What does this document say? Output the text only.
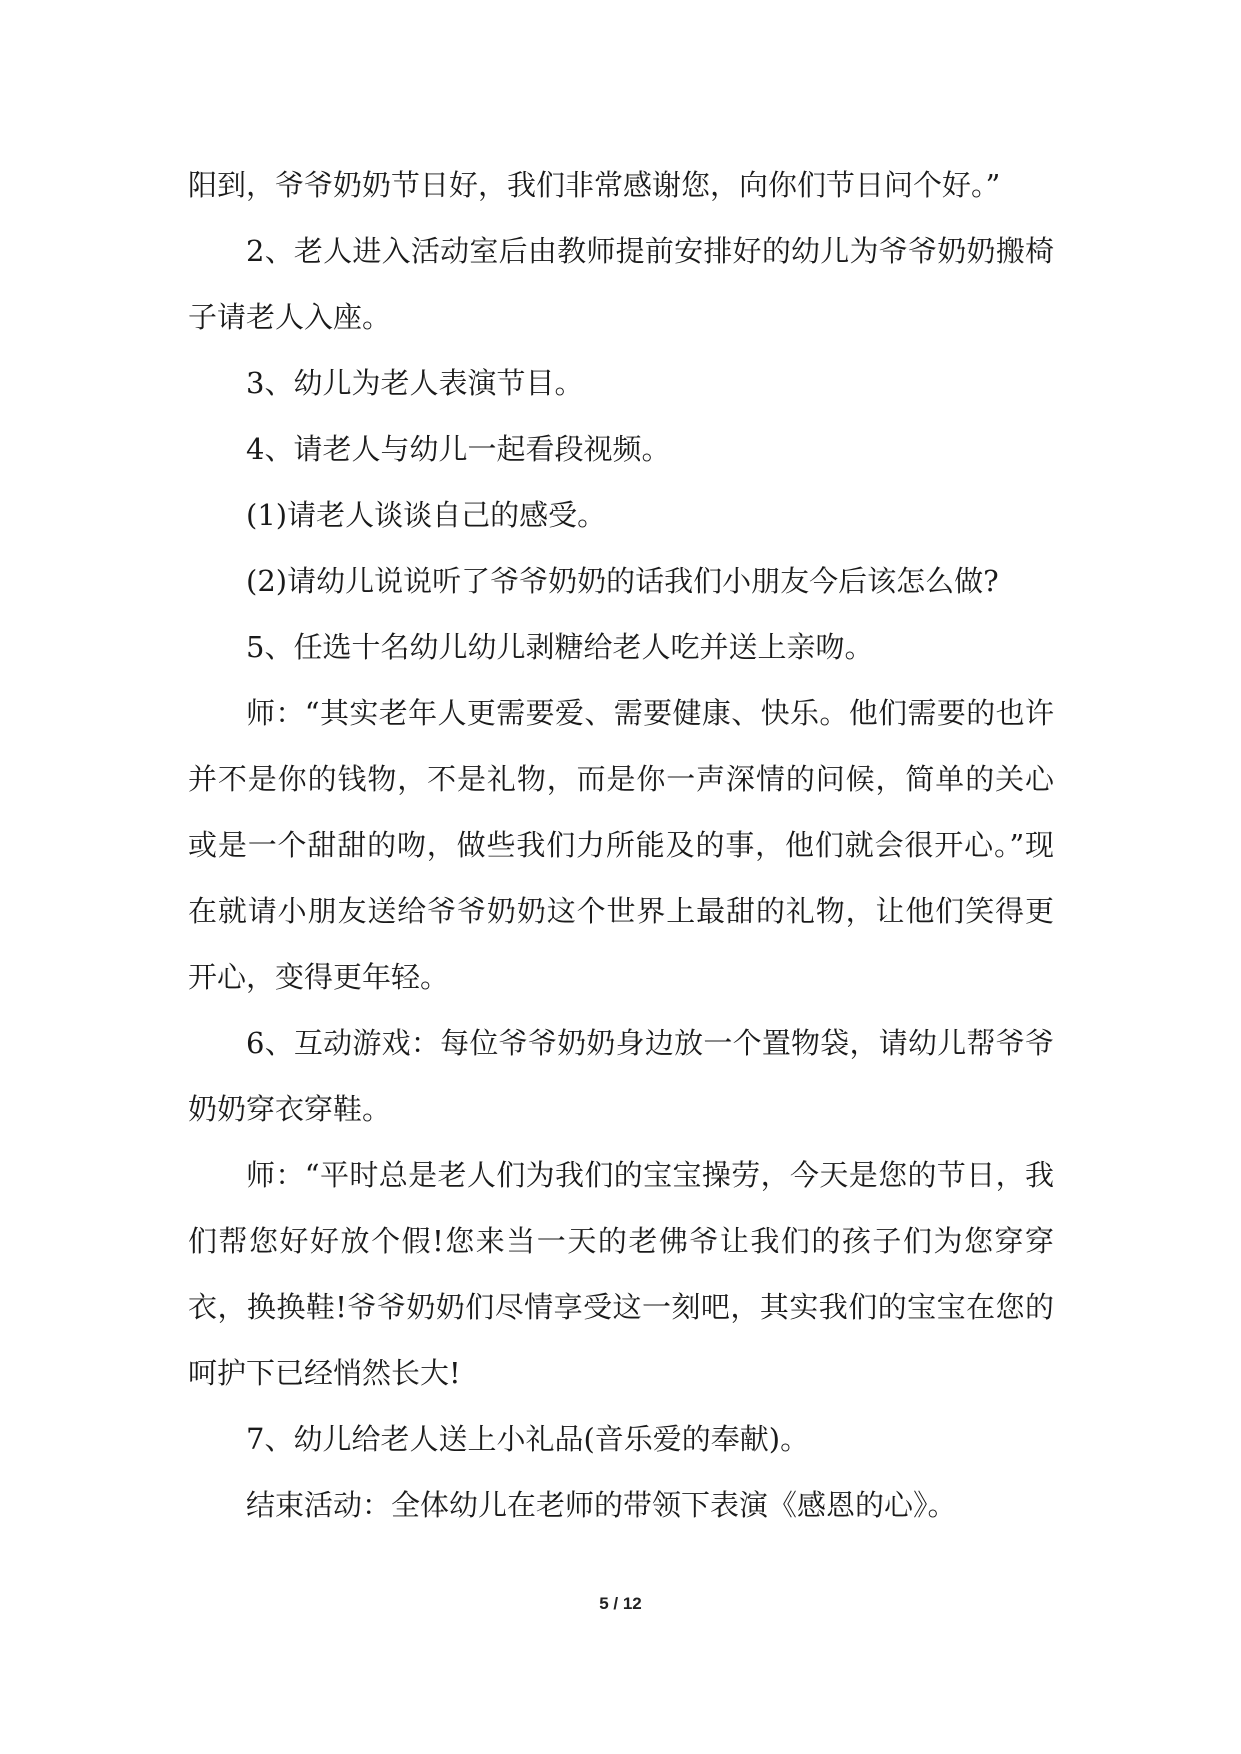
阳到，爷爷奶奶节日好，我们非常感谢您，向你们节日问个好。”

2、老人进入活动室后由教师提前安排好的幼儿为爷爷奶奶搬椅子请老人入座。

3、幼儿为老人表演节目。

4、请老人与幼儿一起看段视频。

(1)请老人谈谈自己的感受。

(2)请幼儿说说听了爷爷奶奶的话我们小朋友今后该怎么做?

5、任选十名幼儿幼儿剥糖给老人吃并送上亲吻。

师：“其实老年人更需要爱、需要健康、快乐。他们需要的也许并不是你的钱物，不是礼物，而是你一声深情的问候，简单的关心或是一个甜甜的吻，做些我们力所能及的事，他们就会很开心。”现在就请小朋友送给爷爷奶奶这个世界上最甜的礼物，让他们笑得更开心，变得更年轻。

6、互动游戏：每位爷爷奶奶身边放一个置物袋，请幼儿帮爷爷奶奶穿衣穿鞋。

师：“平时总是老人们为我们的宝宝操劳，今天是您的节日，我们帮您好好放个假!您来当一天的老佛爷让我们的孩子们为您穿穿衣，换换鞋!爷爷奶奶们尽情享受这一刻吧，其实我们的宝宝在您的呵护下已经悄然长大!

7、幼儿给老人送上小礼品(音乐爱的奉献)。

结束活动：全体幼儿在老师的带领下表演《感恩的心》。

5 / 12
